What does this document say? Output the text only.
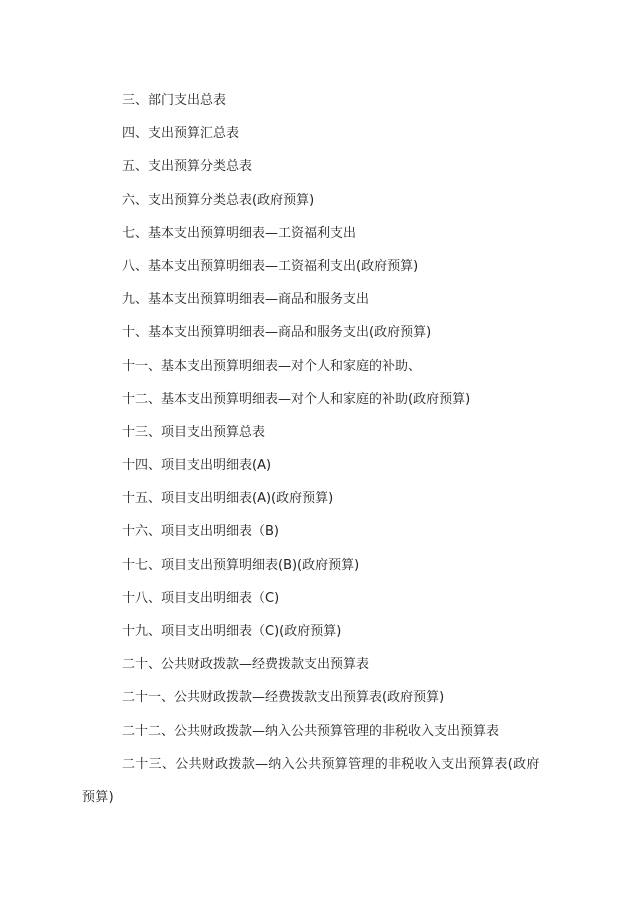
三、部门支出总表
四、支出预算汇总表
五、支出预算分类总表
六、支出预算分类总表(政府预算)
七、基本支出预算明细表—工资福利支出
八、基本支出预算明细表—工资福利支出(政府预算)
九、基本支出预算明细表—商品和服务支出
十、基本支出预算明细表—商品和服务支出(政府预算)
十一、基本支出预算明细表—对个人和家庭的补助、
十二、基本支出预算明细表—对个人和家庭的补助(政府预算)
十三、项目支出预算总表
十四、项目支出明细表(A)
十五、项目支出明细表(A)(政府预算)
十六、项目支出明细表（B)
十七、项目支出预算明细表(B)(政府预算)
十八、项目支出明细表（C)
十九、项目支出明细表（C)(政府预算)
二十、公共财政拨款—经费拨款支出预算表
二十一、公共财政拨款—经费拨款支出预算表(政府预算)
二十二、公共财政拨款—纳入公共预算管理的非税收入支出预算表
二十三、公共财政拨款—纳入公共预算管理的非税收入支出预算表(政府预算)
